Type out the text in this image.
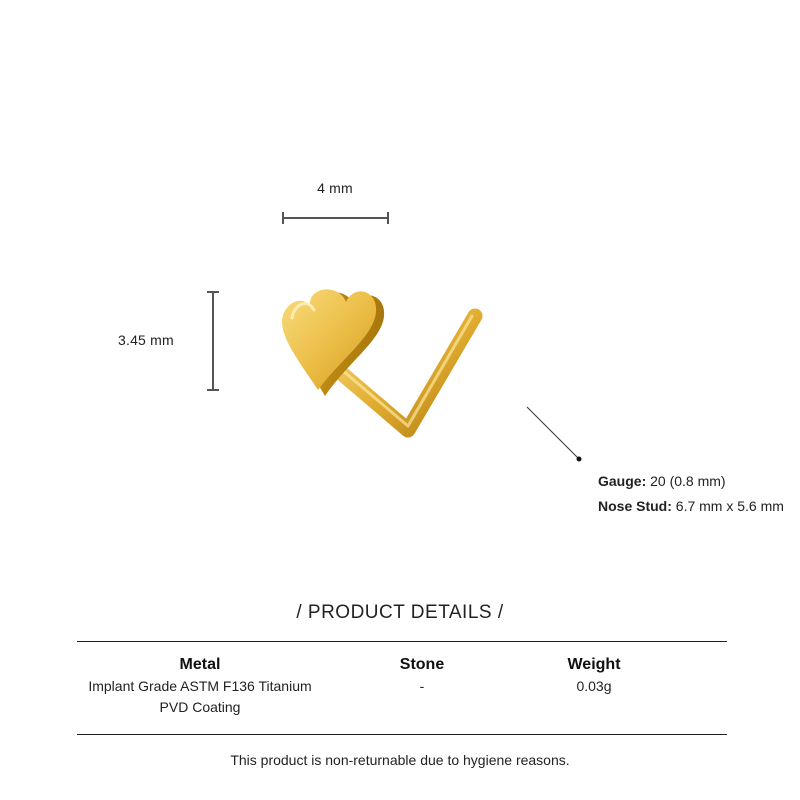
4 mm
3.45 mm
Gauge: 20 (0.8 mm)
Nose Stud: 6.7 mm x 5.6 mm
/ PRODUCT DETAILS /
Metal
Implant Grade ASTM F136 Titanium
PVD Coating
Stone
-
Weight
0.03g
This product is non-returnable due to hygiene reasons.
